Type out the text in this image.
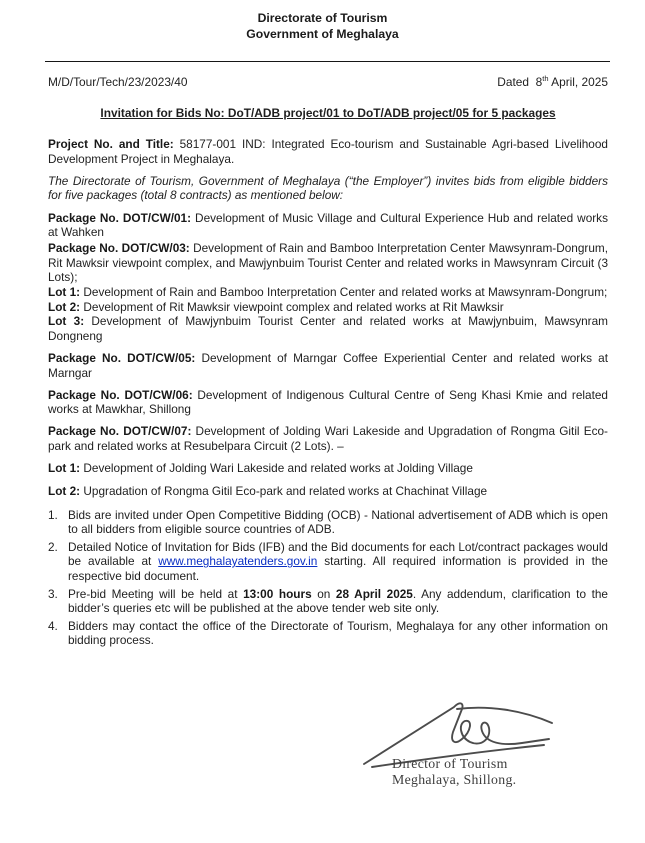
Directorate of Tourism
Government of Meghalaya
M/D/Tour/Tech/23/2023/40	Dated 8th April, 2025
Invitation for Bids No: DoT/ADB project/01 to DoT/ADB project/05 for 5 packages

Project No. and Title: 58177-001 IND: Integrated Eco-tourism and Sustainable Agri-based Livelihood Development Project in Meghalaya.

The Directorate of Tourism, Government of Meghalaya (“the Employer”) invites bids from eligible bidders for five packages (total 8 contracts) as mentioned below:

Package No. DOT/CW/01: Development of Music Village and Cultural Experience Hub and related works at Wahken

Package No. DOT/CW/03: Development of Rain and Bamboo Interpretation Center Mawsynram-Dongrum, Rit Mawksir viewpoint complex, and Mawjynbuim Tourist Center and related works in Mawsynram Circuit (3 Lots);
Lot 1: Development of Rain and Bamboo Interpretation Center and related works at Mawsynram-Dongrum;
Lot 2: Development of Rit Mawksir viewpoint complex and related works at Rit Mawksir
Lot 3: Development of Mawjynbuim Tourist Center and related works at Mawjynbuim, Mawsynram Dongneng

Package No. DOT/CW/05: Development of Marngar Coffee Experiential Center and related works at Marngar

Package No. DOT/CW/06: Development of Indigenous Cultural Centre of Seng Khasi Kmie and related works at Mawkhar, Shillong

Package No. DOT/CW/07: Development of Jolding Wari Lakeside and Upgradation of Rongma Gitil Eco-park and related works at Resubelpara Circuit (2 Lots). –

Lot 1: Development of Jolding Wari Lakeside and related works at Jolding Village

Lot 2: Upgradation of Rongma Gitil Eco-park and related works at Chachinat Village

1. Bids are invited under Open Competitive Bidding (OCB) - National advertisement of ADB which is open to all bidders from eligible source countries of ADB.
2. Detailed Notice of Invitation for Bids (IFB) and the Bid documents for each Lot/contract packages would be available at www.meghalayatenders.gov.in starting. All required information is provided in the respective bid document.
3. Pre-bid Meeting will be held at 13:00 hours on 28 April 2025. Any addendum, clarification to the bidder’s queries etc will be published at the above tender web site only.
4. Bidders may contact the office of the Directorate of Tourism, Meghalaya for any other information on bidding process.
Director of Tourism
Meghalaya, Shillong.
